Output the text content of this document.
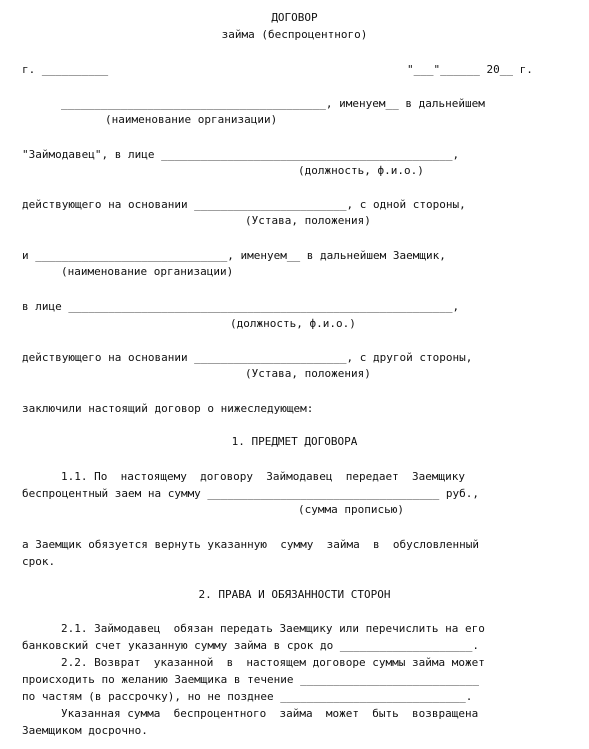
ДОГОВОР
займа (беспроцентного)
г. __________	"___"______ 20__ г.
________________________________________, именуем__ в дальнейшем
(наименование организации)
"Займодавец", в лице ____________________________________________,
(должность, ф.и.о.)
действующего на основании _______________________, с одной стороны,
(Устава, положения)
и _____________________________, именуем__ в дальнейшем Заемщик,
(наименование организации)
в лице __________________________________________________________,
(должность, ф.и.о.)
действующего на основании _______________________, с другой стороны,
(Устава, положения)
заключили настоящий договор о нижеследующем:
1. ПРЕДМЕТ ДОГОВОРА
1.1. По  настоящему  договору  Займодавец  передает  Заемщику
беспроцентный заем на сумму ___________________________________ руб.,
(сумма прописью)
а Заемщик обязуется вернуть указанную  сумму  займа  в  обусловленный
срок.
2. ПРАВА И ОБЯЗАННОСТИ СТОРОН
2.1. Займодавец  обязан передать Заемщику или перечислить на его
банковский счет указанную сумму займа в срок до ____________________.
2.2. Возврат  указанной  в  настоящем договоре суммы займа может
происходить по желанию Заемщика в течение ___________________________
по частям (в рассрочку), но не позднее ____________________________.
Указанная сумма  беспроцентного  займа  может  быть  возвращена
Заемщиком досрочно.
